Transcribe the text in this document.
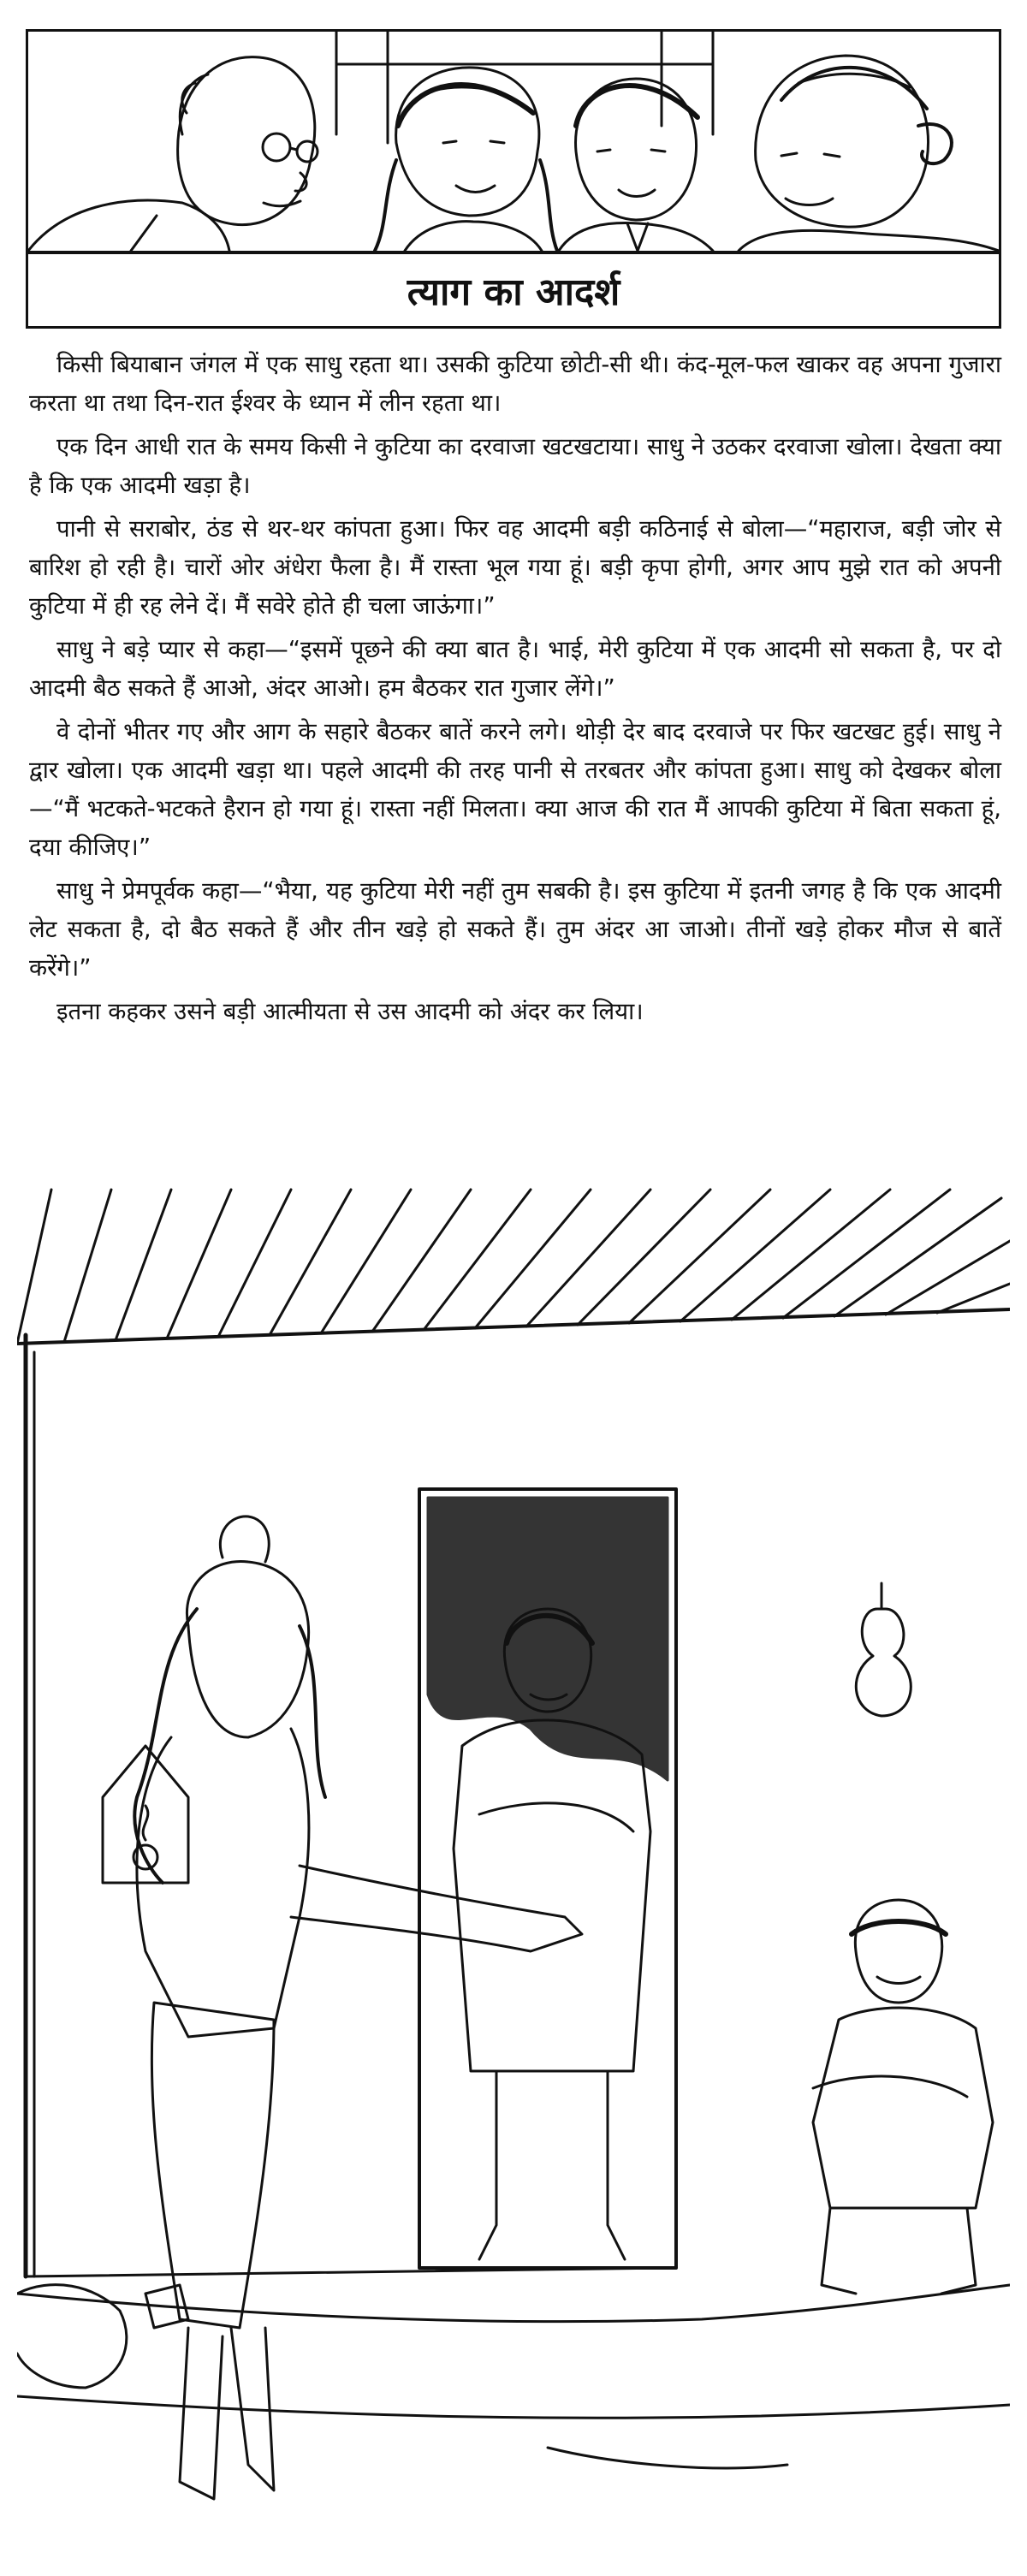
त्याग का आदर्श

किसी बियाबान जंगल में एक साधु रहता था। उसकी कुटिया छोटी-सी थी। कंद-मूल-फल खाकर वह अपना गुजारा करता था तथा दिन-रात ईश्वर के ध्यान में लीन रहता था।

एक दिन आधी रात के समय किसी ने कुटिया का दरवाजा खटखटाया। साधु ने उठकर दरवाजा खोला। देखता क्या है कि एक आदमी खड़ा है।

पानी से सराबोर, ठंड से थर-थर कांपता हुआ। फिर वह आदमी बड़ी कठिनाई से बोला—“महाराज, बड़ी जोर से बारिश हो रही है। चारों ओर अंधेरा फैला है। मैं रास्ता भूल गया हूं। बड़ी कृपा होगी, अगर आप मुझे रात को अपनी कुटिया में ही रह लेने दें। मैं सवेरे होते ही चला जाऊंगा।”

साधु ने बड़े प्यार से कहा—“इसमें पूछने की क्या बात है। भाई, मेरी कुटिया में एक आदमी सो सकता है, पर दो आदमी बैठ सकते हैं आओ, अंदर आओ। हम बैठकर रात गुजार लेंगे।”

वे दोनों भीतर गए और आग के सहारे बैठकर बातें करने लगे। थोड़ी देर बाद दरवाजे पर फिर खटखट हुई। साधु ने द्वार खोला। एक आदमी खड़ा था। पहले आदमी की तरह पानी से तरबतर और कांपता हुआ। साधु को देखकर बोला—“मैं भटकते-भटकते हैरान हो गया हूं। रास्ता नहीं मिलता। क्या आज की रात मैं आपकी कुटिया में बिता सकता हूं, दया कीजिए।”

साधु ने प्रेमपूर्वक कहा—“भैया, यह कुटिया मेरी नहीं तुम सबकी है। इस कुटिया में इतनी जगह है कि एक आदमी लेट सकता है, दो बैठ सकते हैं और तीन खड़े हो सकते हैं। तुम अंदर आ जाओ। तीनों खड़े होकर मौज से बातें करेंगे।”

इतना कहकर उसने बड़ी आत्मीयता से उस आदमी को अंदर कर लिया।
